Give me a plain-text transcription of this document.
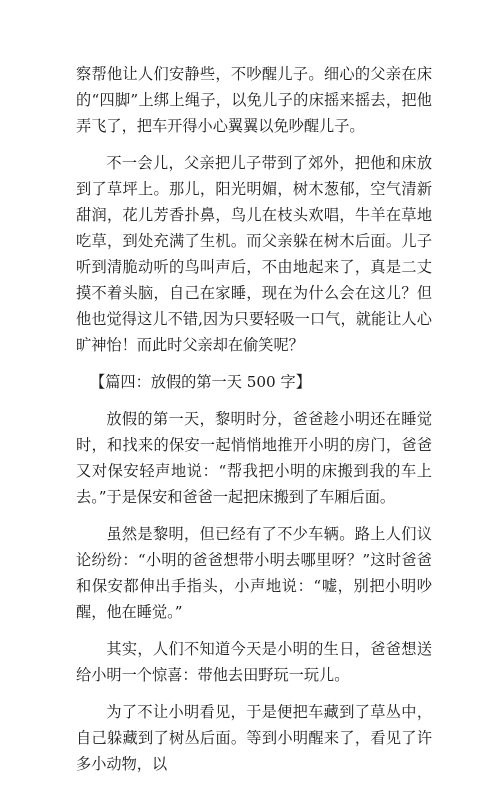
察帮他让人们安静些，不吵醒儿子。细心的父亲在床的“四脚”上绑上绳子，以免儿子的床摇来摇去，把他弄飞了，把车开得小心翼翼以免吵醒儿子。

不一会儿，父亲把儿子带到了郊外，把他和床放到了草坪上。那儿，阳光明媚，树木葱郁，空气清新甜润，花儿芳香扑鼻，鸟儿在枝头欢唱，牛羊在草地吃草，到处充满了生机。而父亲躲在树木后面。儿子听到清脆动听的鸟叫声后，不由地起来了，真是二丈摸不着头脑，自己在家睡，现在为什么会在这儿？但他也觉得这儿不错,因为只要轻吸一口气，就能让人心旷神怡！而此时父亲却在偷笑呢？

【篇四：放假的第一天 500 字】

放假的第一天，黎明时分，爸爸趁小明还在睡觉时，和找来的保安一起悄悄地推开小明的房门，爸爸又对保安轻声地说：“帮我把小明的床搬到我的车上去。”于是保安和爸爸一起把床搬到了车厢后面。

虽然是黎明，但已经有了不少车辆。路上人们议论纷纷：“小明的爸爸想带小明去哪里呀？”这时爸爸和保安都伸出手指头，小声地说：“嘘，别把小明吵醒，他在睡觉。”

其实，人们不知道今天是小明的生日，爸爸想送给小明一个惊喜：带他去田野玩一玩儿。

为了不让小明看见，于是便把车藏到了草丛中，自己躲藏到了树丛后面。等到小明醒来了，看见了许多小动物，以
